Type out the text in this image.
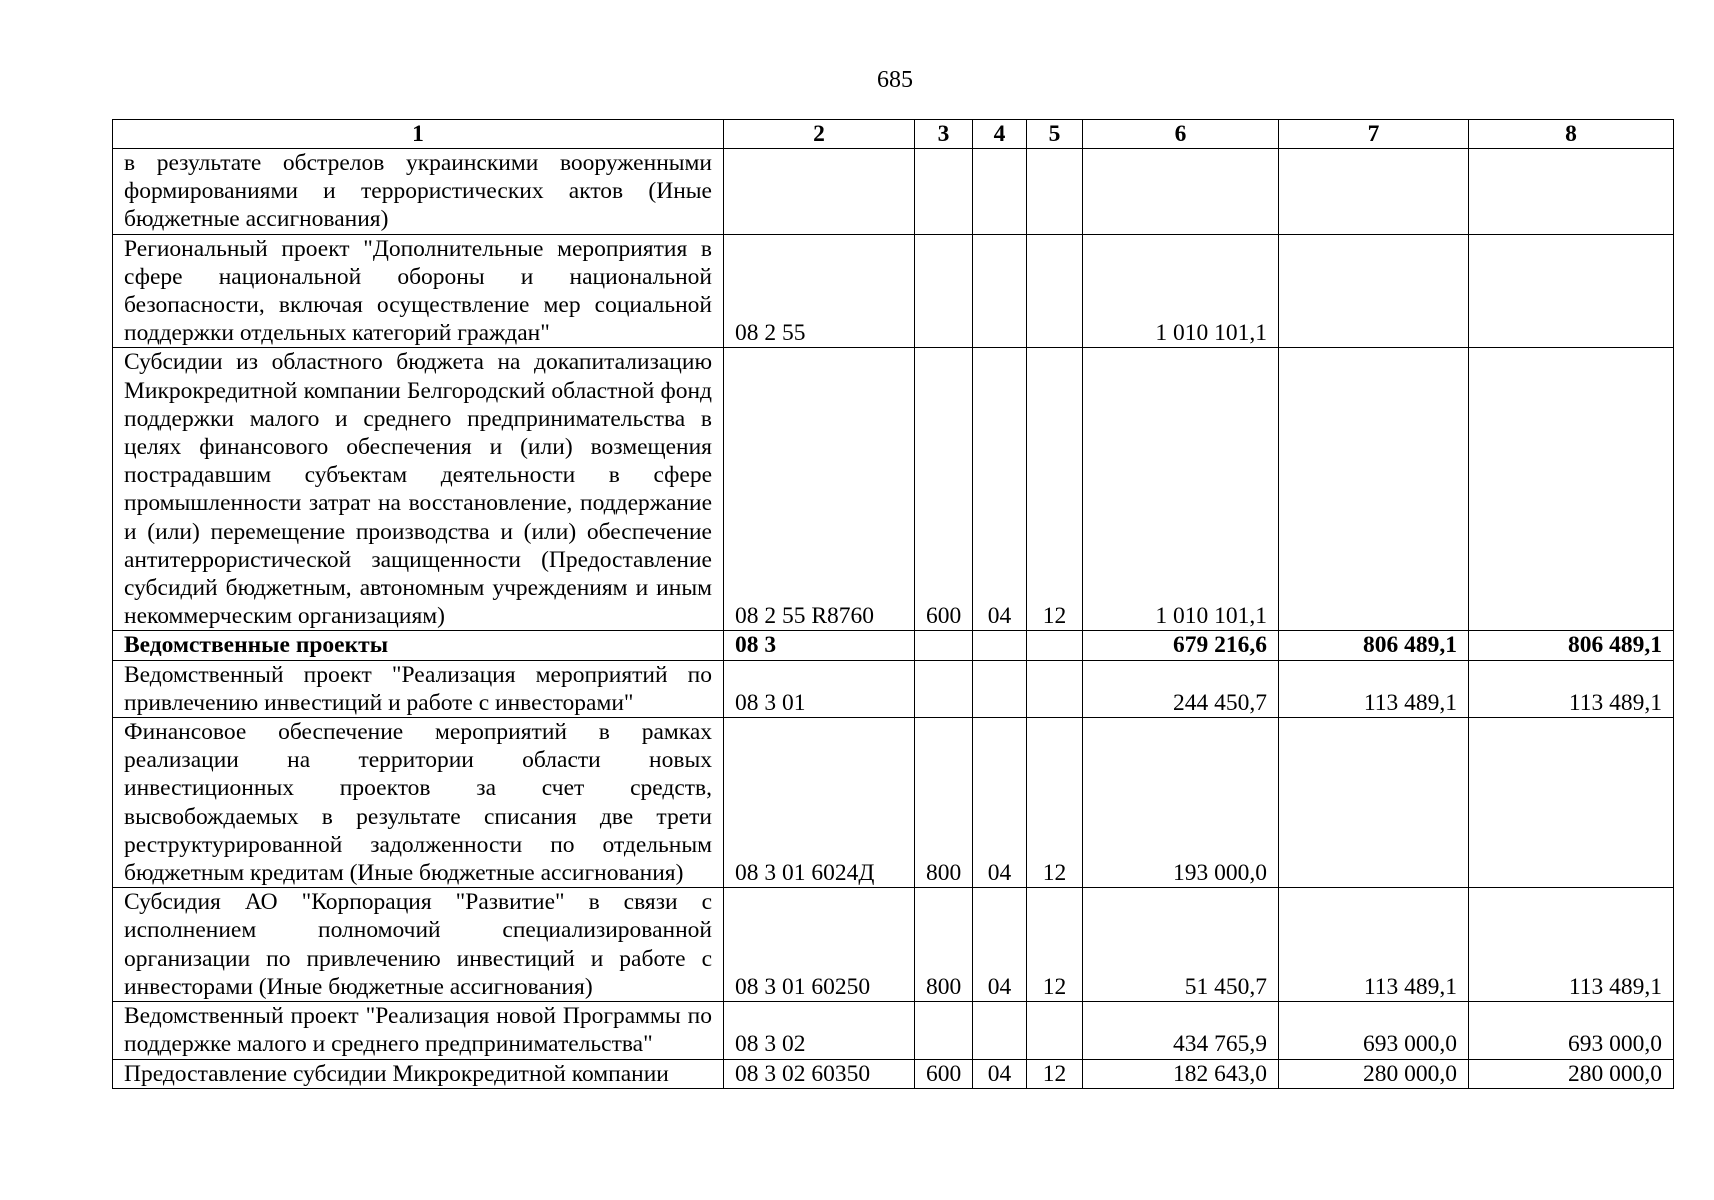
685
1	2	3	4	5	6	7	8
в результате обстрелов украинскими вооруженными формированиями и террористических актов (Иные бюджетные ассигнования)							
Региональный проект "Дополнительные мероприятия в сфере национальной обороны и национальной безопасности, включая осуществление мер социальной поддержки отдельных категорий граждан"	08 2 55				1 010 101,1		
Субсидии из областного бюджета на докапитализацию Микрокредитной компании Белгородский областной фонд поддержки малого и среднего предпринимательства в целях финансового обеспечения и (или) возмещения пострадавшим субъектам деятельности в сфере промышленности затрат на восстановление, поддержание и (или) перемещение производства и (или) обеспечение антитеррористической защищенности (Предоставление субсидий бюджетным, автономным учреждениям и иным некоммерческим организациям)	08 2 55 R8760	600	04	12	1 010 101,1		
Ведомственные проекты	08 3				679 216,6	806 489,1	806 489,1
Ведомственный проект "Реализация мероприятий по привлечению инвестиций и работе с инвесторами"	08 3 01				244 450,7	113 489,1	113 489,1
Финансовое обеспечение мероприятий в рамках реализации на территории области новых инвестиционных проектов за счет средств, высвобождаемых в результате списания две трети реструктурированной задолженности по отдельным бюджетным кредитам (Иные бюджетные ассигнования)	08 3 01 6024Д	800	04	12	193 000,0		
Субсидия АО "Корпорация "Развитие" в связи с исполнением полномочий специализированной организации по привлечению инвестиций и работе с инвесторами (Иные бюджетные ассигнования)	08 3 01 60250	800	04	12	51 450,7	113 489,1	113 489,1
Ведомственный проект "Реализация новой Программы по поддержке малого и среднего предпринимательства"	08 3 02				434 765,9	693 000,0	693 000,0
Предоставление субсидии Микрокредитной компании	08 3 02 60350	600	04	12	182 643,0	280 000,0	280 000,0
